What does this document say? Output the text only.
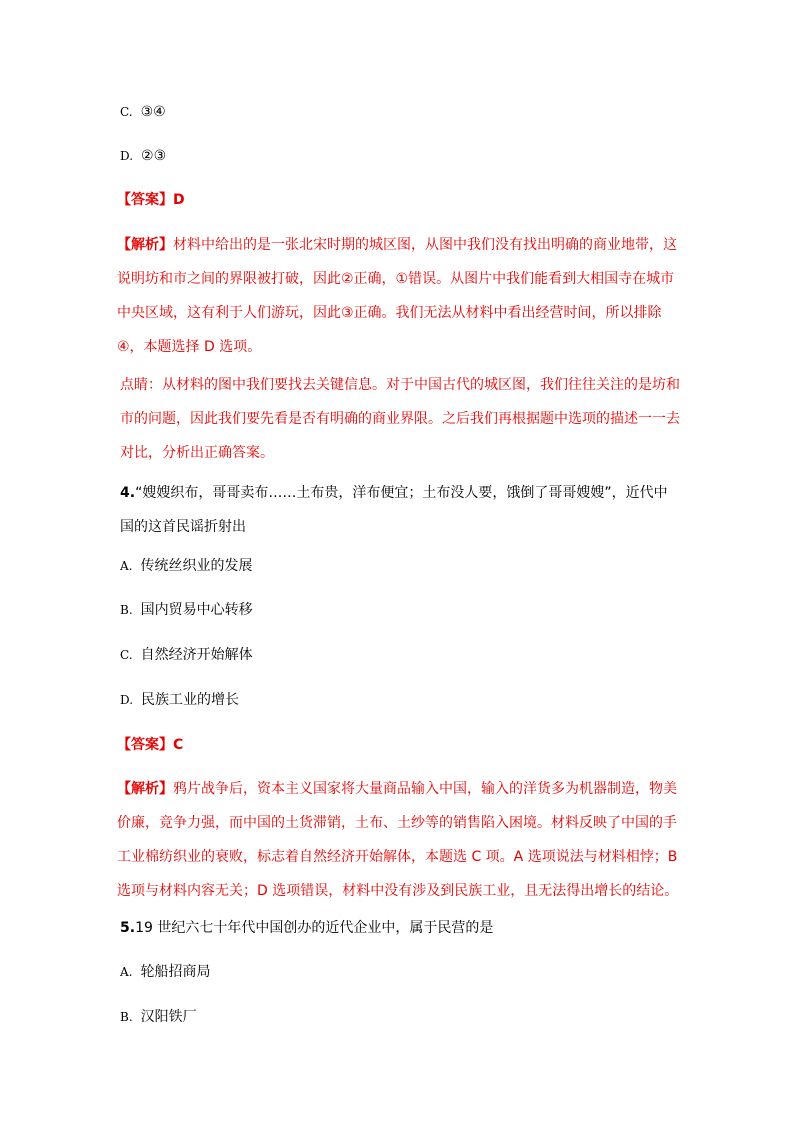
C. ③④
D. ②③
【答案】D
【解析】材料中给出的是一张北宋时期的城区图，从图中我们没有找出明确的商业地带，这
说明坊和市之间的界限被打破，因此②正确，①错误。从图片中我们能看到大相国寺在城市
中央区域，这有利于人们游玩，因此③正确。我们无法从材料中看出经营时间，所以排除
④，本题选择 D 选项。
点睛：从材料的图中我们要找去关键信息。对于中国古代的城区图，我们往往关注的是坊和
市的问题，因此我们要先看是否有明确的商业界限。之后我们再根据题中选项的描述一一去
对比，分析出正确答案。
4.“嫂嫂织布，哥哥卖布……土布贵，洋布便宜；土布没人要，饿倒了哥哥嫂嫂”，近代中
国的这首民谣折射出
A. 传统丝织业的发展
B. 国内贸易中心转移
C. 自然经济开始解体
D. 民族工业的增长
【答案】C
【解析】鸦片战争后，资本主义国家将大量商品输入中国，输入的洋货多为机器制造，物美
价廉，竞争力强，而中国的土货滞销，土布、土纱等的销售陷入困境。材料反映了中国的手
工业棉纺织业的衰败，标志着自然经济开始解体，本题选 C 项。A 选项说法与材料相悖；B
选项与材料内容无关；D 选项错误，材料中没有涉及到民族工业，且无法得出增长的结论。
5.19 世纪六七十年代中国创办的近代企业中，属于民营的是
A. 轮船招商局
B. 汉阳铁厂
